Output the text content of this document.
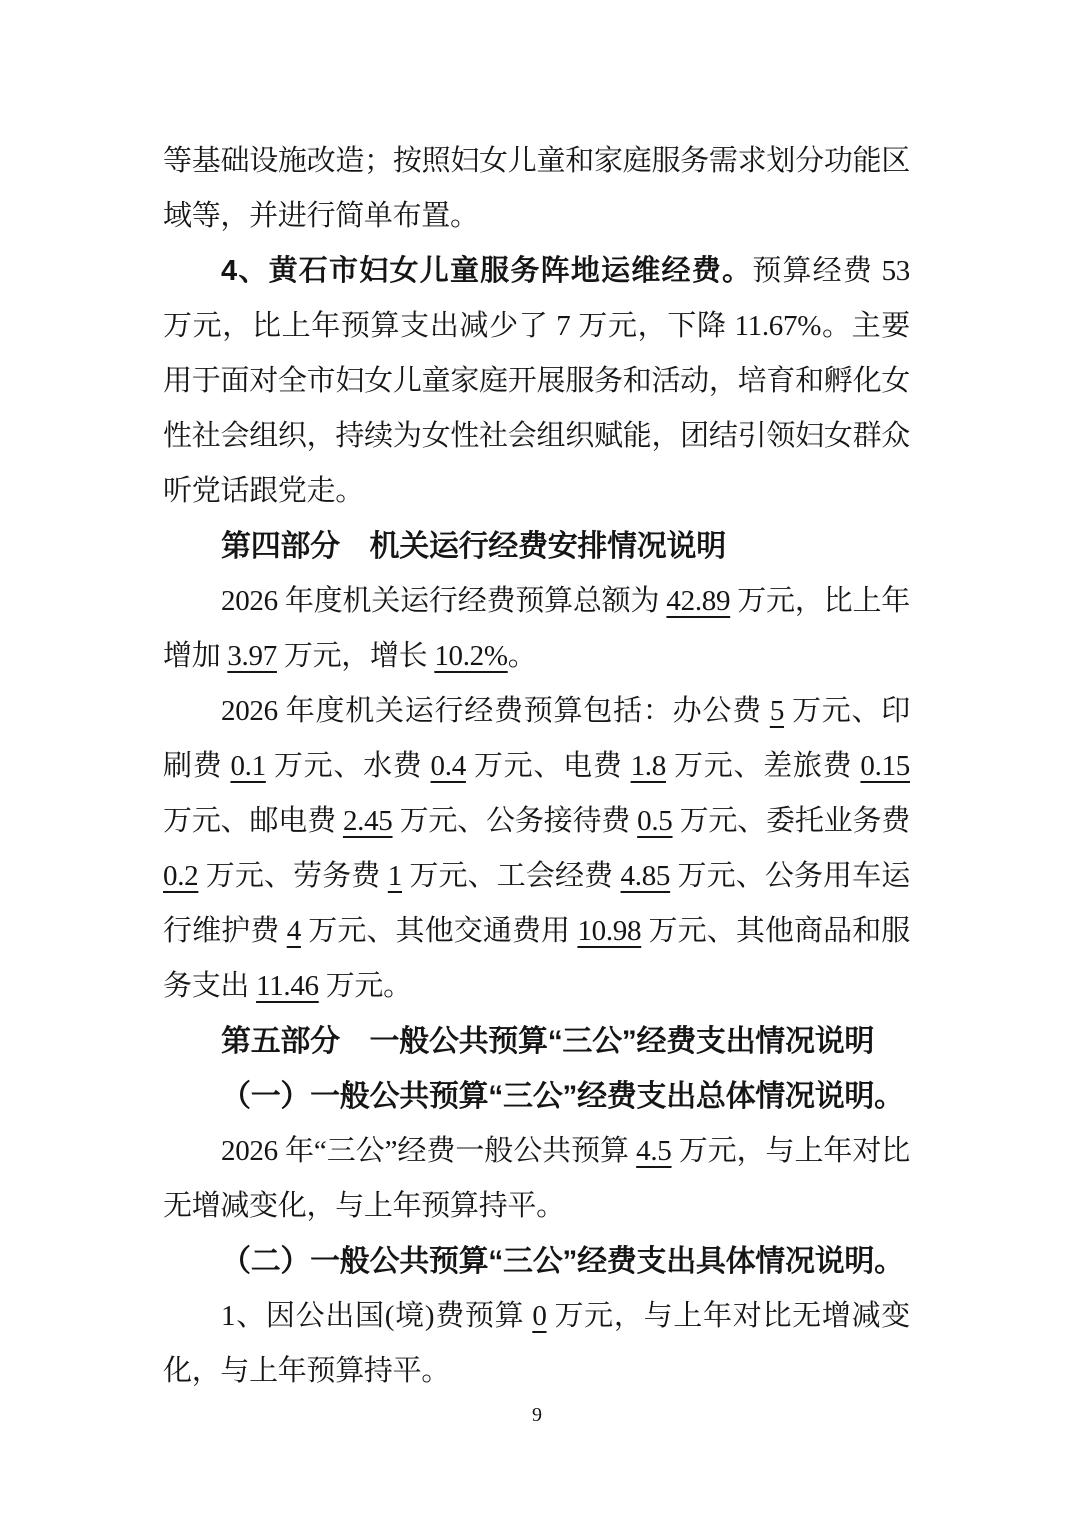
等基础设施改造；按照妇女儿童和家庭服务需求划分功能区域等，并进行简单布置。

4、黄石市妇女儿童服务阵地运维经费。预算经费 53 万元，比上年预算支出减少了 7 万元，下降 11.67%。主要用于面对全市妇女儿童家庭开展服务和活动，培育和孵化女性社会组织，持续为女性社会组织赋能，团结引领妇女群众听党话跟党走。

第四部分　机关运行经费安排情况说明

2026 年度机关运行经费预算总额为 42.89 万元，比上年增加 3.97 万元，增长 10.2%。

2026 年度机关运行经费预算包括：办公费 5 万元、印刷费 0.1 万元、水费 0.4 万元、电费 1.8 万元、差旅费 0.15 万元、邮电费 2.45 万元、公务接待费 0.5 万元、委托业务费 0.2 万元、劳务费 1 万元、工会经费 4.85 万元、公务用车运行维护费 4 万元、其他交通费用 10.98 万元、其他商品和服务支出 11.46 万元。

第五部分　一般公共预算“三公”经费支出情况说明

（一）一般公共预算“三公”经费支出总体情况说明。

2026 年“三公”经费一般公共预算 4.5 万元，与上年对比无增减变化，与上年预算持平。

（二）一般公共预算“三公”经费支出具体情况说明。

1、因公出国(境)费预算 0 万元，与上年对比无增减变化，与上年预算持平。

9
